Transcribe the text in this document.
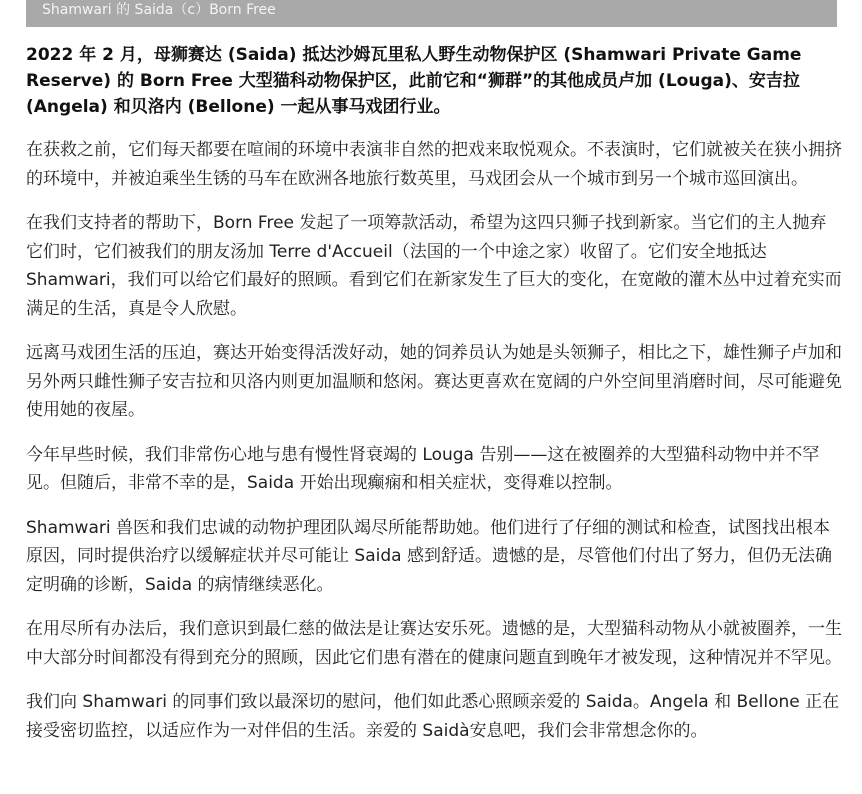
Shamwari 的 Saida（c）Born Free

2022 年 2 月，母狮赛达 (Saida) 抵达沙姆瓦里私人野生动物保护区 (Shamwari Private Game Reserve) 的 Born Free 大型猫科动物保护区，此前它和“狮群”的其他成员卢加 (Louga)、安吉拉 (Angela) 和贝洛内 (Bellone) 一起从事马戏团行业。

在获救之前，它们每天都要在喧闹的环境中表演非自然的把戏来取悦观众。不表演时，它们就被关在狭小拥挤的环境中，并被迫乘坐生锈的马车在欧洲各地旅行数英里，马戏团会从一个城市到另一个城市巡回演出。

在我们支持者的帮助下，Born Free 发起了一项筹款活动，希望为这四只狮子找到新家。当它们的主人抛弃它们时，它们被我们的朋友汤加 Terre d'Accueil（法国的一个中途之家）收留了。它们安全地抵达 Shamwari，我们可以给它们最好的照顾。看到它们在新家发生了巨大的变化，在宽敞的灌木丛中过着充实而满足的生活，真是令人欣慰。

远离马戏团生活的压迫，赛达开始变得活泼好动，她的饲养员认为她是头领狮子，相比之下，雄性狮子卢加和另外两只雌性狮子安吉拉和贝洛内则更加温顺和悠闲。赛达更喜欢在宽阔的户外空间里消磨时间，尽可能避免使用她的夜屋。

今年早些时候，我们非常伤心地与患有慢性肾衰竭的 Louga 告别——这在被圈养的大型猫科动物中并不罕见。但随后，非常不幸的是，Saida 开始出现癫痫和相关症状，变得难以控制。

Shamwari 兽医和我们忠诚的动物护理团队竭尽所能帮助她。他们进行了仔细的测试和检查，试图找出根本原因，同时提供治疗以缓解症状并尽可能让 Saida 感到舒适。遗憾的是，尽管他们付出了努力，但仍无法确定明确的诊断，Saida 的病情继续恶化。

在用尽所有办法后，我们意识到最仁慈的做法是让赛达安乐死。遗憾的是，大型猫科动物从小就被圈养，一生中大部分时间都没有得到充分的照顾，因此它们患有潜在的健康问题直到晚年才被发现，这种情况并不罕见。

我们向 Shamwari 的同事们致以最深切的慰问，他们如此悉心照顾亲爱的 Saida。Angela 和 Bellone 正在接受密切监控，以适应作为一对伴侣的生活。亲爱的 Saidà安息吧，我们会非常想念你的。
